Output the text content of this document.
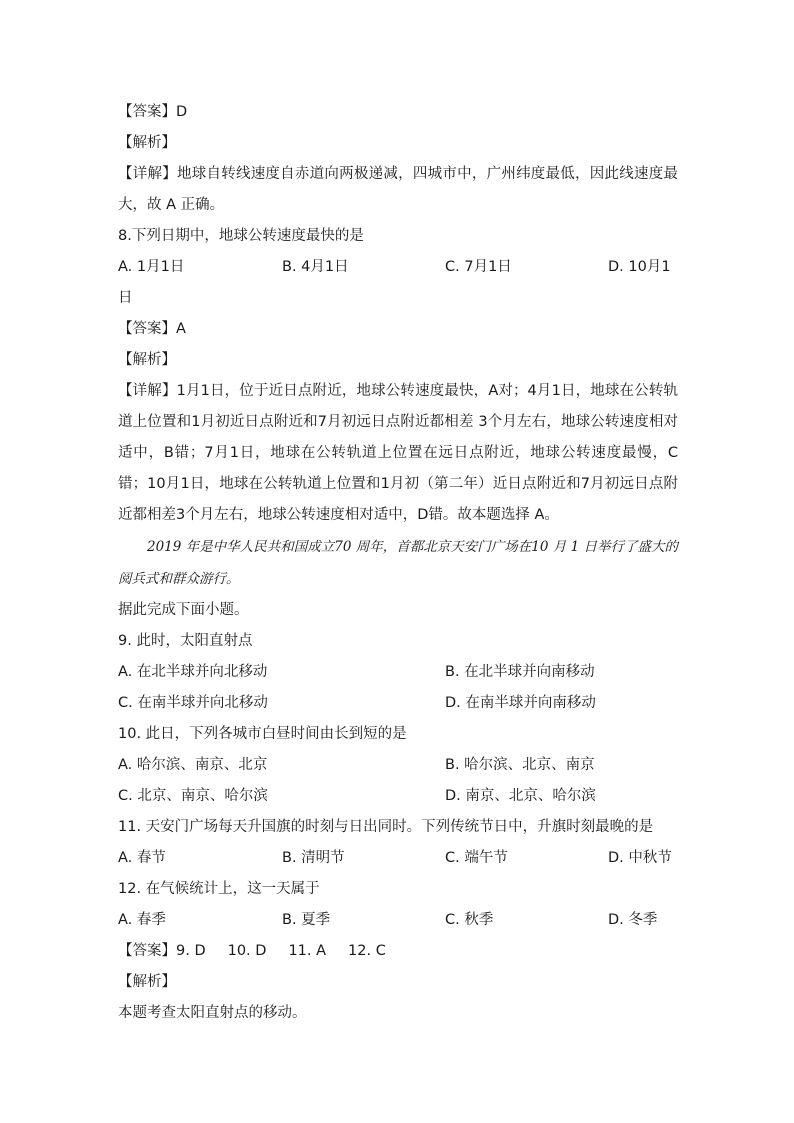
【答案】D
【解析】
【详解】地球自转线速度自赤道向两极递减，四城市中，广州纬度最低，因此线速度最大，故 A 正确。
8.下列日期中，地球公转速度最快的是
A. 1月1日	B. 4月1日	C. 7月1日	D. 10月1
日
【答案】A
【解析】
【详解】1月1日，位于近日点附近，地球公转速度最快，A对；4月1日，地球在公转轨道上位置和1月初近日点附近和7月初远日点附近都相差 3个月左右，地球公转速度相对适中，B错；7月1日，地球在公转轨道上位置在远日点附近，地球公转速度最慢，C错；10月1日，地球在公转轨道上位置和1月初（第二年）近日点附近和7月初远日点附近都相差3个月左右，地球公转速度相对适中，D错。故本题选择 A。
2019 年是中华人民共和国成立70 周年，首都北京天安门广场在10 月 1 日举行了盛大的阅兵式和群众游行。
据此完成下面小题。
9. 此时，太阳直射点
A. 在北半球并向北移动	B. 在北半球并向南移动
C. 在南半球并向北移动	D. 在南半球并向南移动
10. 此日，下列各城市白昼时间由长到短的是
A. 哈尔滨、南京、北京	B. 哈尔滨、北京、南京
C. 北京、南京、哈尔滨	D. 南京、北京、哈尔滨
11. 天安门广场每天升国旗的时刻与日出同时。下列传统节日中，升旗时刻最晚的是
A. 春节	B. 清明节	C. 端午节	D. 中秋节
12. 在气候统计上，这一天属于
A. 春季	B. 夏季	C. 秋季	D. 冬季
【答案】9. D 10. D 11. A 12. C
【解析】
本题考查太阳直射点的移动。
